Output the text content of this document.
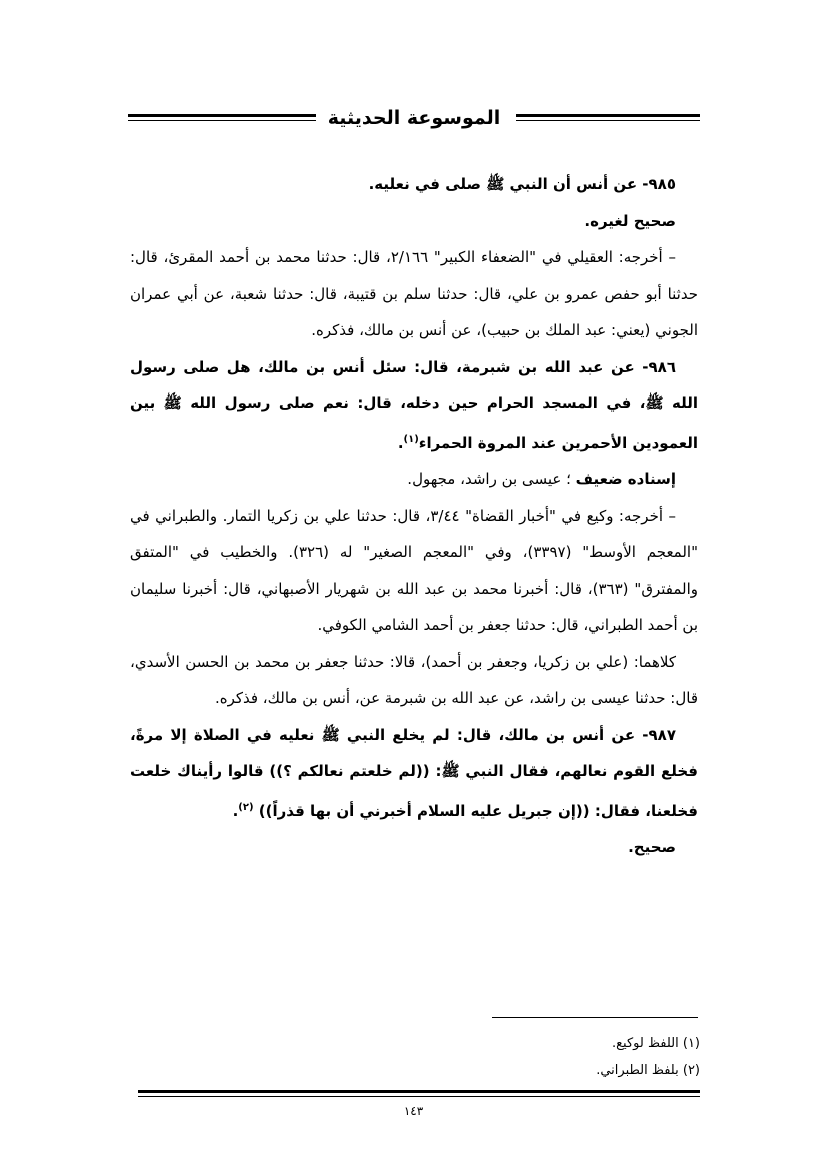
الموسوعة الحديثية

٩٨٥- عن أنس أن النبي ﷺ صلى في نعليه.

صحيح لغيره.

– أخرجه: العقيلي في "الضعفاء الكبير" ٢/١٦٦، قال: حدثنا محمد بن أحمد المقرئ، قال: حدثنا أبو حفص عمرو بن علي، قال: حدثنا سلم بن قتيبة، قال: حدثنا شعبة، عن أبي عمران الجوني (يعني: عبد الملك بن حبيب)، عن أنس بن مالك، فذكره.

٩٨٦- عن عبد الله بن شبرمة، قال: سئل أنس بن مالك، هل صلى رسول الله ﷺ، في المسجد الحرام حين دخله، قال: نعم صلى رسول الله ﷺ بين العمودين الأحمرين عند المروة الحمراء$^{(١)}$.

إسناده ضعيف ؛ عيسى بن راشد، مجهول.

– أخرجه: وكيع في "أخبار القضاة" ٣/٤٤، قال: حدثنا علي بن زكريا التمار. والطبراني في "المعجم الأوسط" (٣٣٩٧)، وفي "المعجم الصغير" له (٣٢٦). والخطيب في "المتفق والمفترق" (٣٦٣)، قال: أخبرنا محمد بن عبد الله بن شهريار الأصبهاني، قال: أخبرنا سليمان بن أحمد الطبراني، قال: حدثنا جعفر بن أحمد الشامي الكوفي.

كلاهما: (علي بن زكريا، وجعفر بن أحمد)، قالا: حدثنا جعفر بن محمد بن الحسن الأسدي، قال: حدثنا عيسى بن راشد، عن عبد الله بن شبرمة عن، أنس بن مالك، فذكره.

٩٨٧- عن أنس بن مالك، قال: لم يخلع النبي ﷺ نعليه في الصلاة إلا مرةً، فخلع القوم نعالهم، فقال النبي ﷺ: ((لم خلعتم نعالكم ؟)) قالوا رأيناك خلعت فخلعنا، فقال: ((إن جبريل عليه السلام أخبرني أن بها قذراً)) $^{(٢)}$.

صحيح.

(١) اللفظ لوكيع.

(٢) بلفظ الطبراني.

١٤٣
